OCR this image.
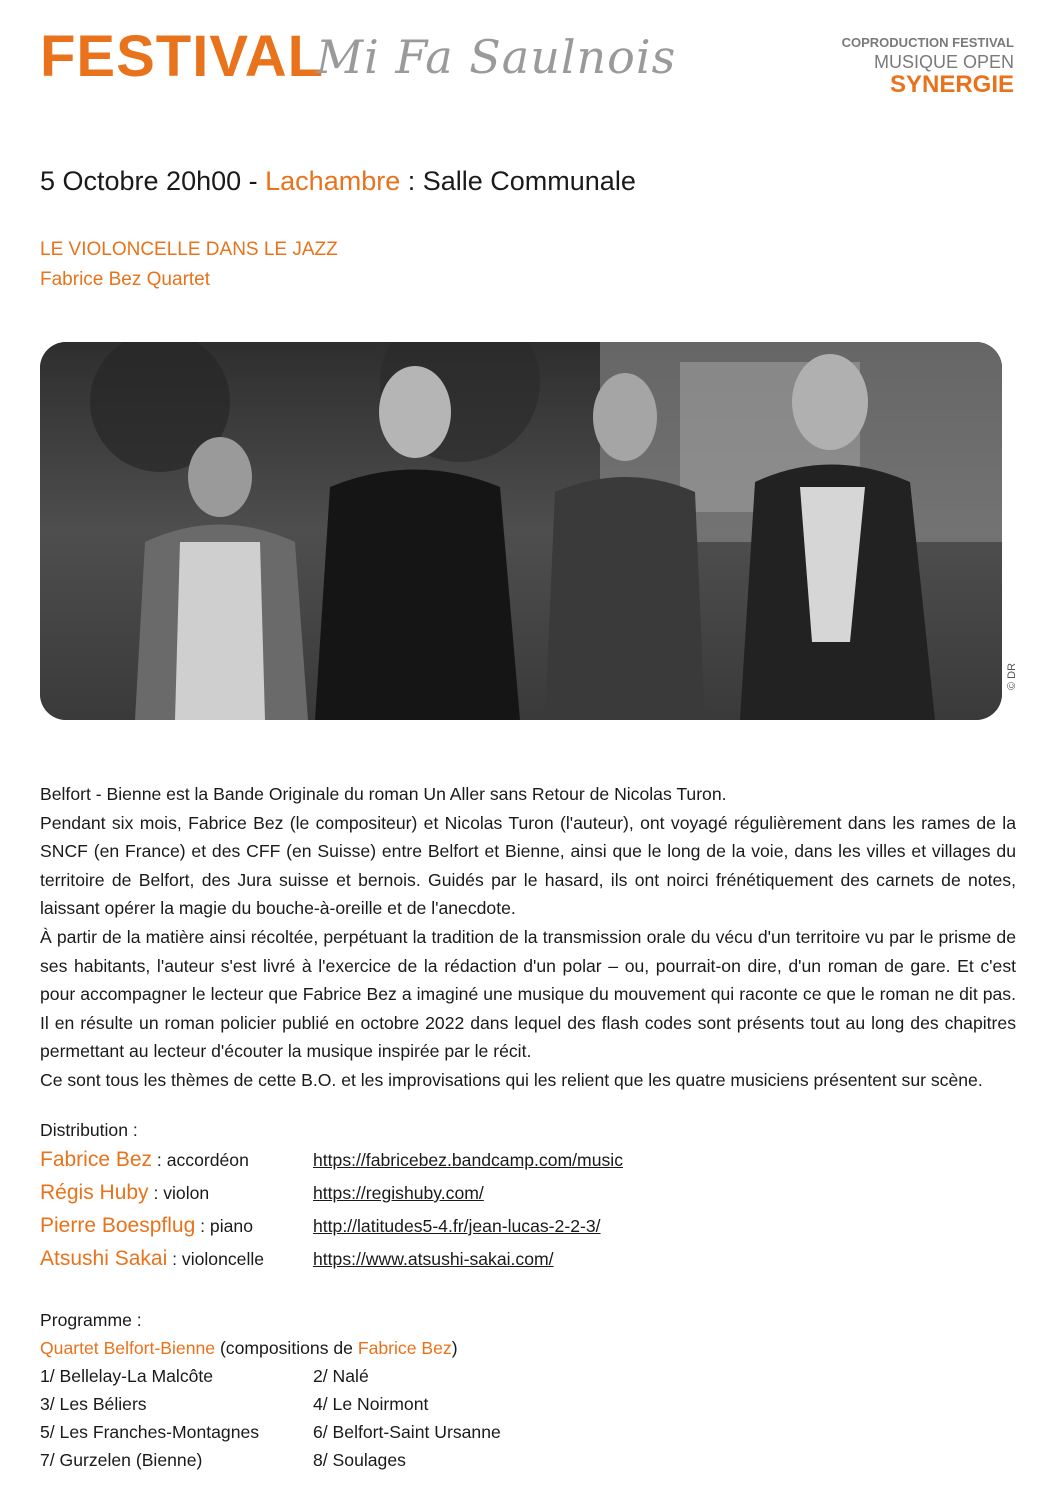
FESTIVAL
Mi Fa Saulnois	COPRODUCTION FESTIVAL
MUSIQUE OPEN
SYNERGIE
5 Octobre 20h00 - Lachambre : Salle Communale
LE VIOLONCELLE DANS LE JAZZ
Fabrice Bez Quartet
© DR

Belfort - Bienne est la Bande Originale du roman Un Aller sans Retour de Nicolas Turon.

Pendant six mois, Fabrice Bez (le compositeur) et Nicolas Turon (l'auteur), ont voyagé régulièrement dans les rames de la SNCF (en France) et des CFF (en Suisse) entre Belfort et Bienne, ainsi que le long de la voie, dans les villes et villages du territoire de Belfort, des Jura suisse et bernois. Guidés par le hasard, ils ont noirci frénétiquement des carnets de notes, laissant opérer la magie du bouche-à-oreille et de l'anecdote.

À partir de la matière ainsi récoltée, perpétuant la tradition de la transmission orale du vécu d'un territoire vu par le prisme de ses habitants, l'auteur s'est livré à l'exercice de la rédaction d'un polar – ou, pourrait-on dire, d'un roman de gare. Et c'est pour accompagner le lecteur que Fabrice Bez a imaginé une musique du mouvement qui raconte ce que le roman ne dit pas. Il en résulte un roman policier publié en octobre 2022 dans lequel des flash codes sont présents tout au long des chapitres permettant au lecteur d'écouter la musique inspirée par le récit.

Ce sont tous les thèmes de cette B.O. et les improvisations qui les relient que les quatre musiciens présentent sur scène.

Distribution :
Fabrice Bez : accordéon	https://fabricebez.bandcamp.com/music
Régis Huby : violon	https://regishuby.com/
Pierre Boespflug : piano	http://latitudes5-4.fr/jean-lucas-2-2-3/
Atsushi Sakai : violoncelle	https://www.atsushi-sakai.com/
Programme :
Quartet Belfort-Bienne (compositions de Fabrice Bez)
1/ Bellelay-La Malcôte	2/ Nalé
3/ Les Béliers	4/ Le Noirmont
5/ Les Franches-Montagnes	6/ Belfort-Saint Ursanne
7/ Gurzelen (Bienne)	8/ Soulages
